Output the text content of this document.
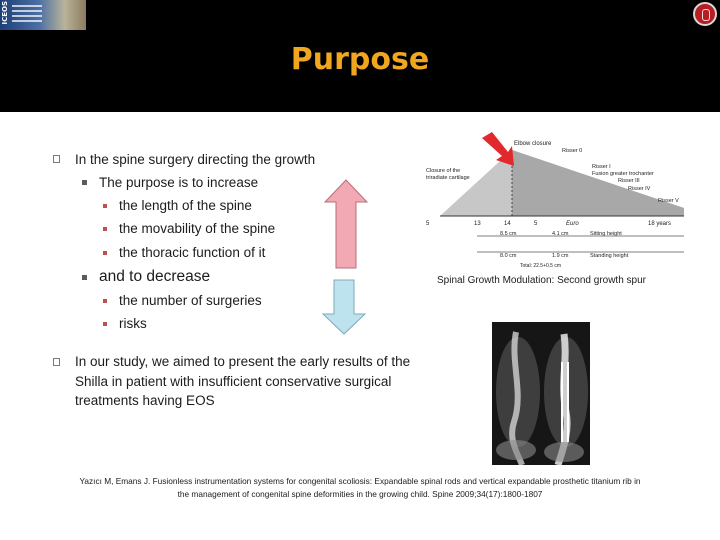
ICEOS
Purpose
In the spine surgery directing the growth
The purpose is to increase
the length of the spine
the movability of the spine
the thoracic function of it
and to decrease
the number of surgeries
risks
In our study, we aimed to present the early results of the
Shilla in patient with insufficient conservative surgical
treatments having EOS
Elbow closure
Closure of the
triradiate cartilage
Risser 0
Risser I
Fusion greater trochanter
Risser III
Risser IV
Risser V
5	13	14	5	Euro	18 years
8.5 cm	4.1 cm	Sitting height
8.0 cm	1.9 cm	Standing height
Total: 22.5+0.5 cm
Spinal Growth Modulation: Second growth spur
Yazıcı M, Emans J. Fusionless instrumentation systems for congenital scoliosis: Expandable spinal rods and vertical expandable prosthetic titanium rib in
the management of congenital spine deformities in the growing child. Spine 2009;34(17):1800-1807
